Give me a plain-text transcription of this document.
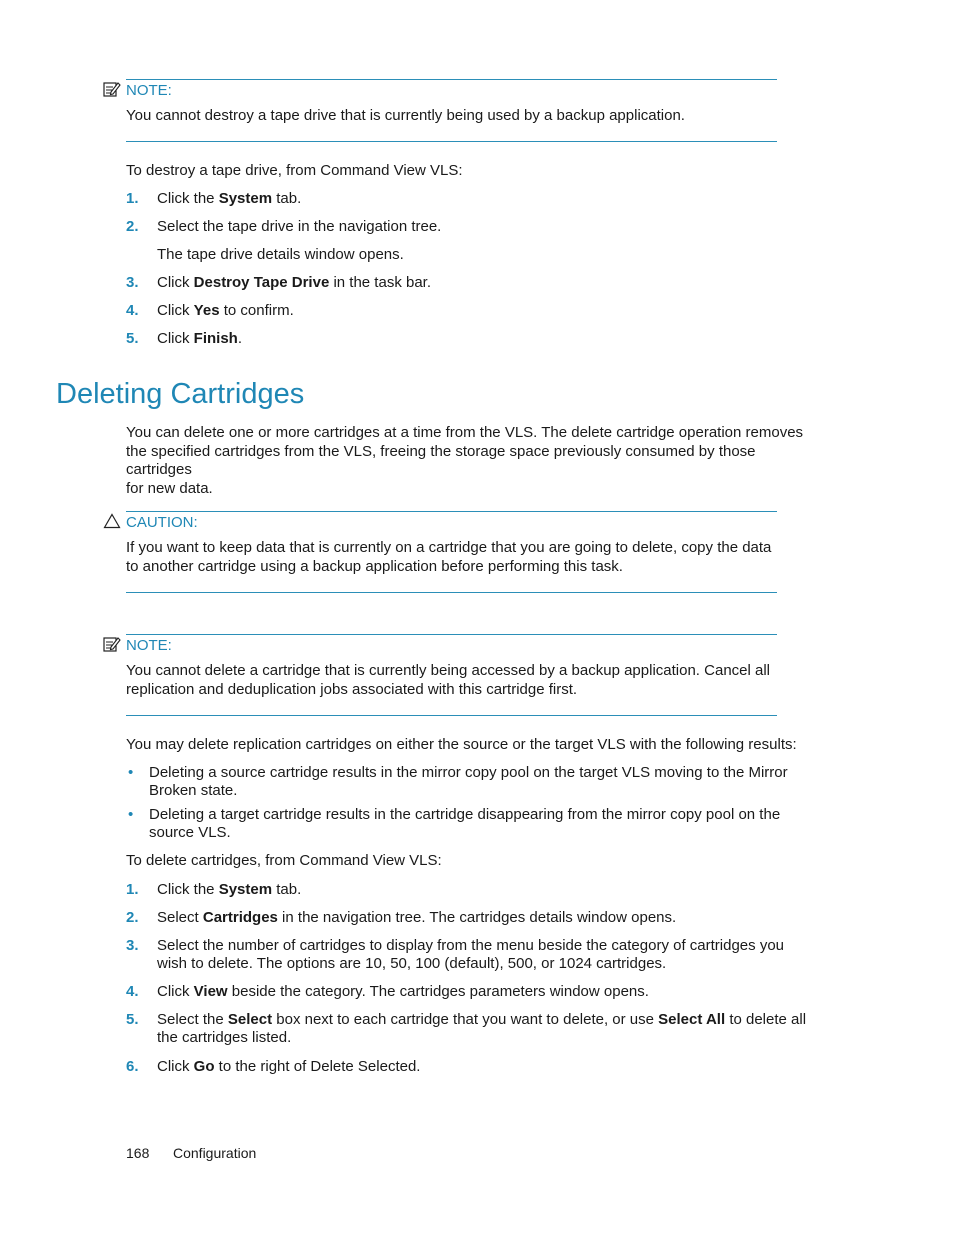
NOTE:
You cannot destroy a tape drive that is currently being used by a backup application.
To destroy a tape drive, from Command View VLS:
1. Click the System tab.
2. Select the tape drive in the navigation tree.
The tape drive details window opens.
3. Click Destroy Tape Drive in the task bar.
4. Click Yes to confirm.
5. Click Finish.
Deleting Cartridges
You can delete one or more cartridges at a time from the VLS. The delete cartridge operation removes
the specified cartridges from the VLS, freeing the storage space previously consumed by those cartridges
for new data.
CAUTION:
If you want to keep data that is currently on a cartridge that you are going to delete, copy the data
to another cartridge using a backup application before performing this task.
NOTE:
You cannot delete a cartridge that is currently being accessed by a backup application. Cancel all
replication and deduplication jobs associated with this cartridge first.
You may delete replication cartridges on either the source or the target VLS with the following results:
• Deleting a source cartridge results in the mirror copy pool on the target VLS moving to the Mirror
Broken state.
• Deleting a target cartridge results in the cartridge disappearing from the mirror copy pool on the
source VLS.
To delete cartridges, from Command View VLS:
1. Click the System tab.
2. Select Cartridges in the navigation tree. The cartridges details window opens.
3. Select the number of cartridges to display from the menu beside the category of cartridges you
wish to delete. The options are 10, 50, 100 (default), 500, or 1024 cartridges.
4. Click View beside the category. The cartridges parameters window opens.
5. Select the Select box next to each cartridge that you want to delete, or use Select All to delete all
the cartridges listed.
6. Click Go to the right of Delete Selected.
168 Configuration
